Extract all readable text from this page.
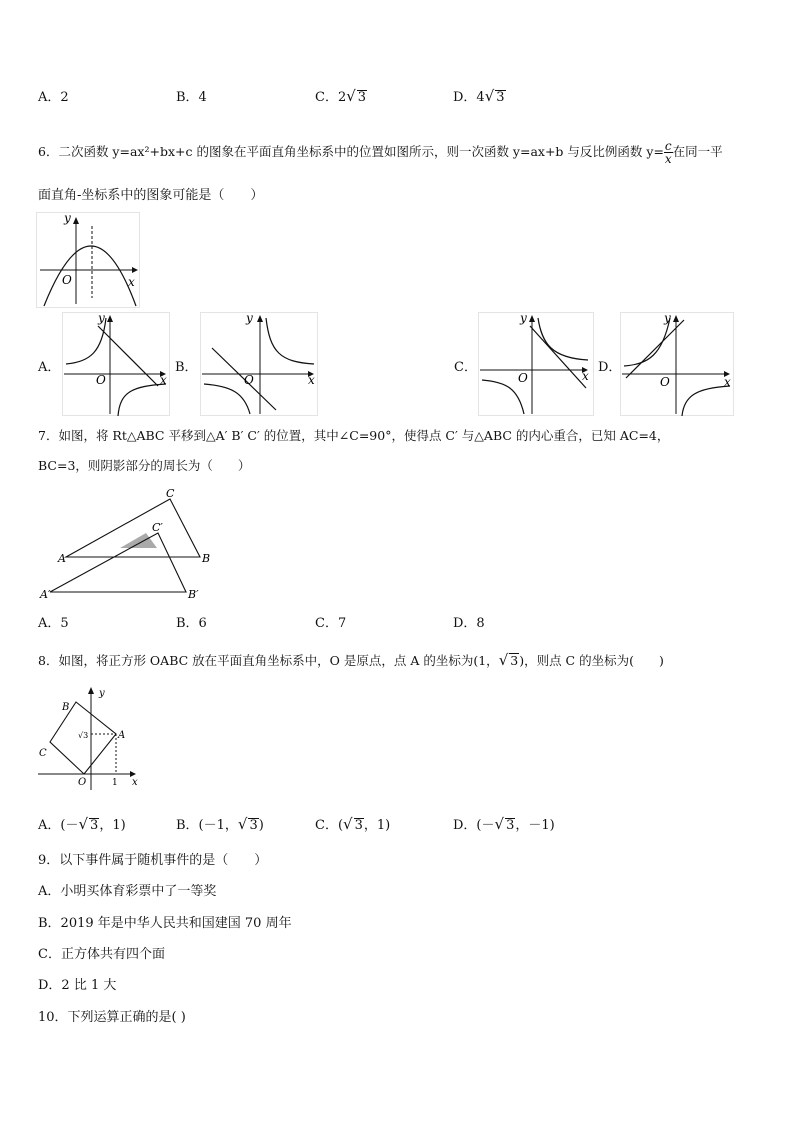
A．2	B．4	C．2√ 3	D．4√ 3
6．二次函数 y=ax²+bx+c 的图象在平面直角坐标系中的位置如图所示，则一次函数 y=ax+b 与反比例函数 $y= \frac{c}{x}$ 在同一平
面直角-坐标系中的图象可能是（　　）
y
x
O
A．
y
x
O
B．
y
x
O
C．
y
x
O
D．
y
x
O
7．如图，将 Rt△ABC 平移到△A′ B′ C′ 的位置，其中∠C=90°，使得点 C′ 与△ABC 的内心重合，已知 AC=4，
BC=3，则阴影部分的周长为（　　）
C
C′
A	B
A′	B′
A．5	B．6	C．7	D．8
8．如图，将正方形 OABC 放在平面直角坐标系中，O 是原点，点 A 的坐标为(1，√ 3)，则点 C 的坐标为(　　)
B
A
C
O
y
x
1
√3
A．(－√ 3，1)	B．(－1，√ 3)	C．(√ 3，1)	D．(－√ 3，－1)
9．以下事件属于随机事件的是（　　）
A．小明买体育彩票中了一等奖
B．2019 年是中华人民共和国建国 70 周年
C．正方体共有四个面
D．2 比 1 大
10．下列运算正确的是( )
